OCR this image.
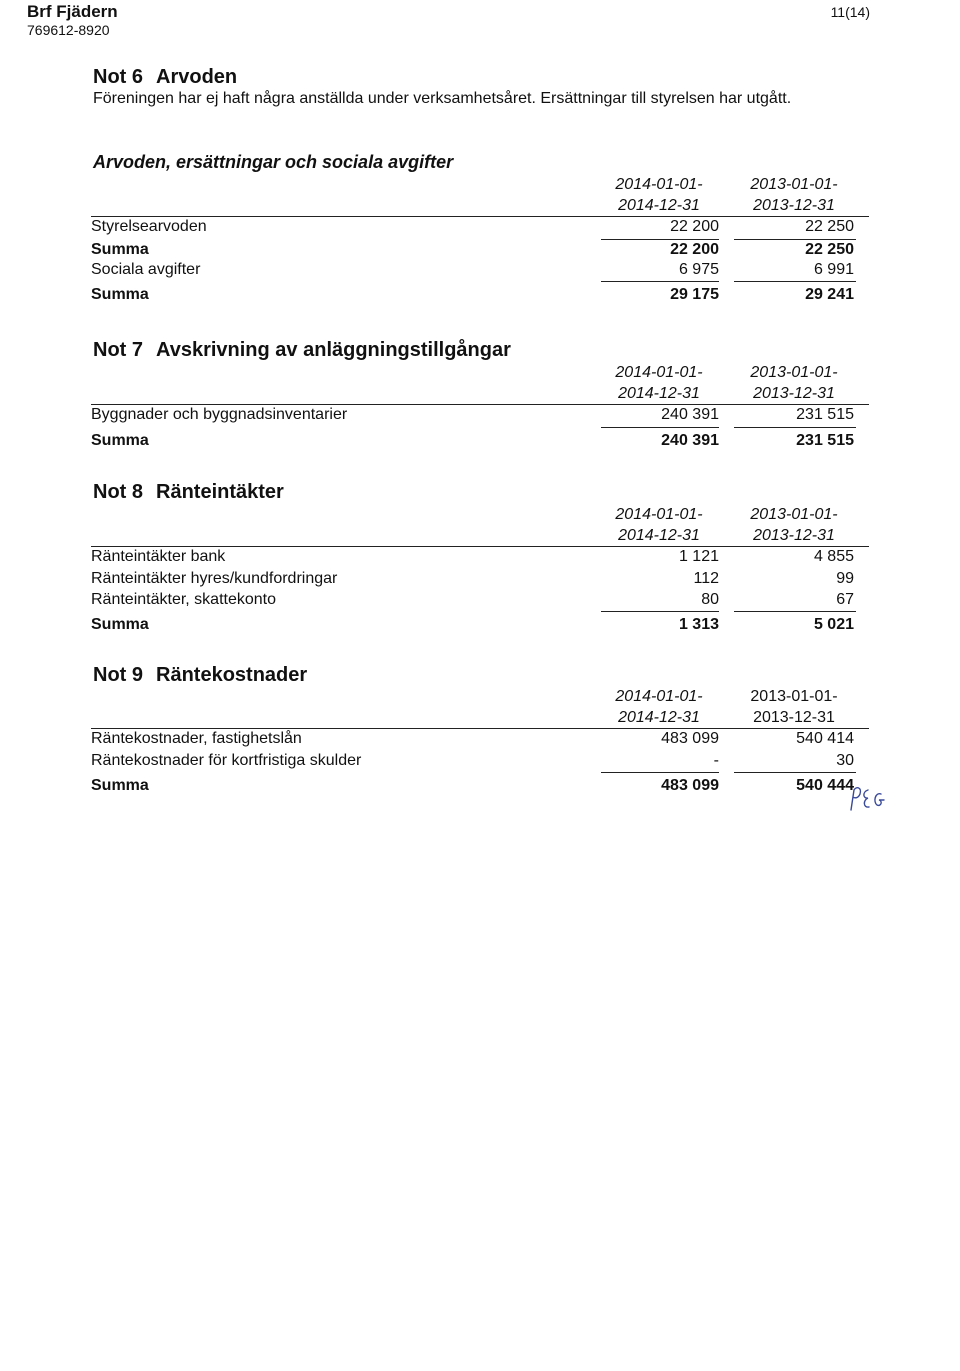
Brf Fjädern
769612-8920
11(14)
Not 6 Arvoden
Föreningen har ej haft några anställda under verksamhetsåret. Ersättningar till styrelsen har utgått.
Arvoden, ersättningar och sociala avgifter
2014-01-01-	2013-01-01-
2014-12-31	2013-12-31
Styrelsearvoden	22 200	22 250
Summa	22 200	22 250
Sociala avgifter	6 975	6 991
Summa	29 175	29 241
Not 7 Avskrivning av anläggningstillgångar
2014-01-01-	2013-01-01-
2014-12-31	2013-12-31
Byggnader och byggnadsinventarier	240 391	231 515
Summa	240 391	231 515
Not 8 Ränteintäkter
2014-01-01-	2013-01-01-
2014-12-31	2013-12-31
Ränteintäkter bank	1 121	4 855
Ränteintäkter hyres/kundfordringar	112	99
Ränteintäkter, skattekonto	80	67
Summa	1 313	5 021
Not 9 Räntekostnader
2014-01-01-	2013-01-01-
2014-12-31	2013-12-31
Räntekostnader, fastighetslån	483 099	540 414
Räntekostnader för kortfristiga skulder	-	30
Summa	483 099	540 444
